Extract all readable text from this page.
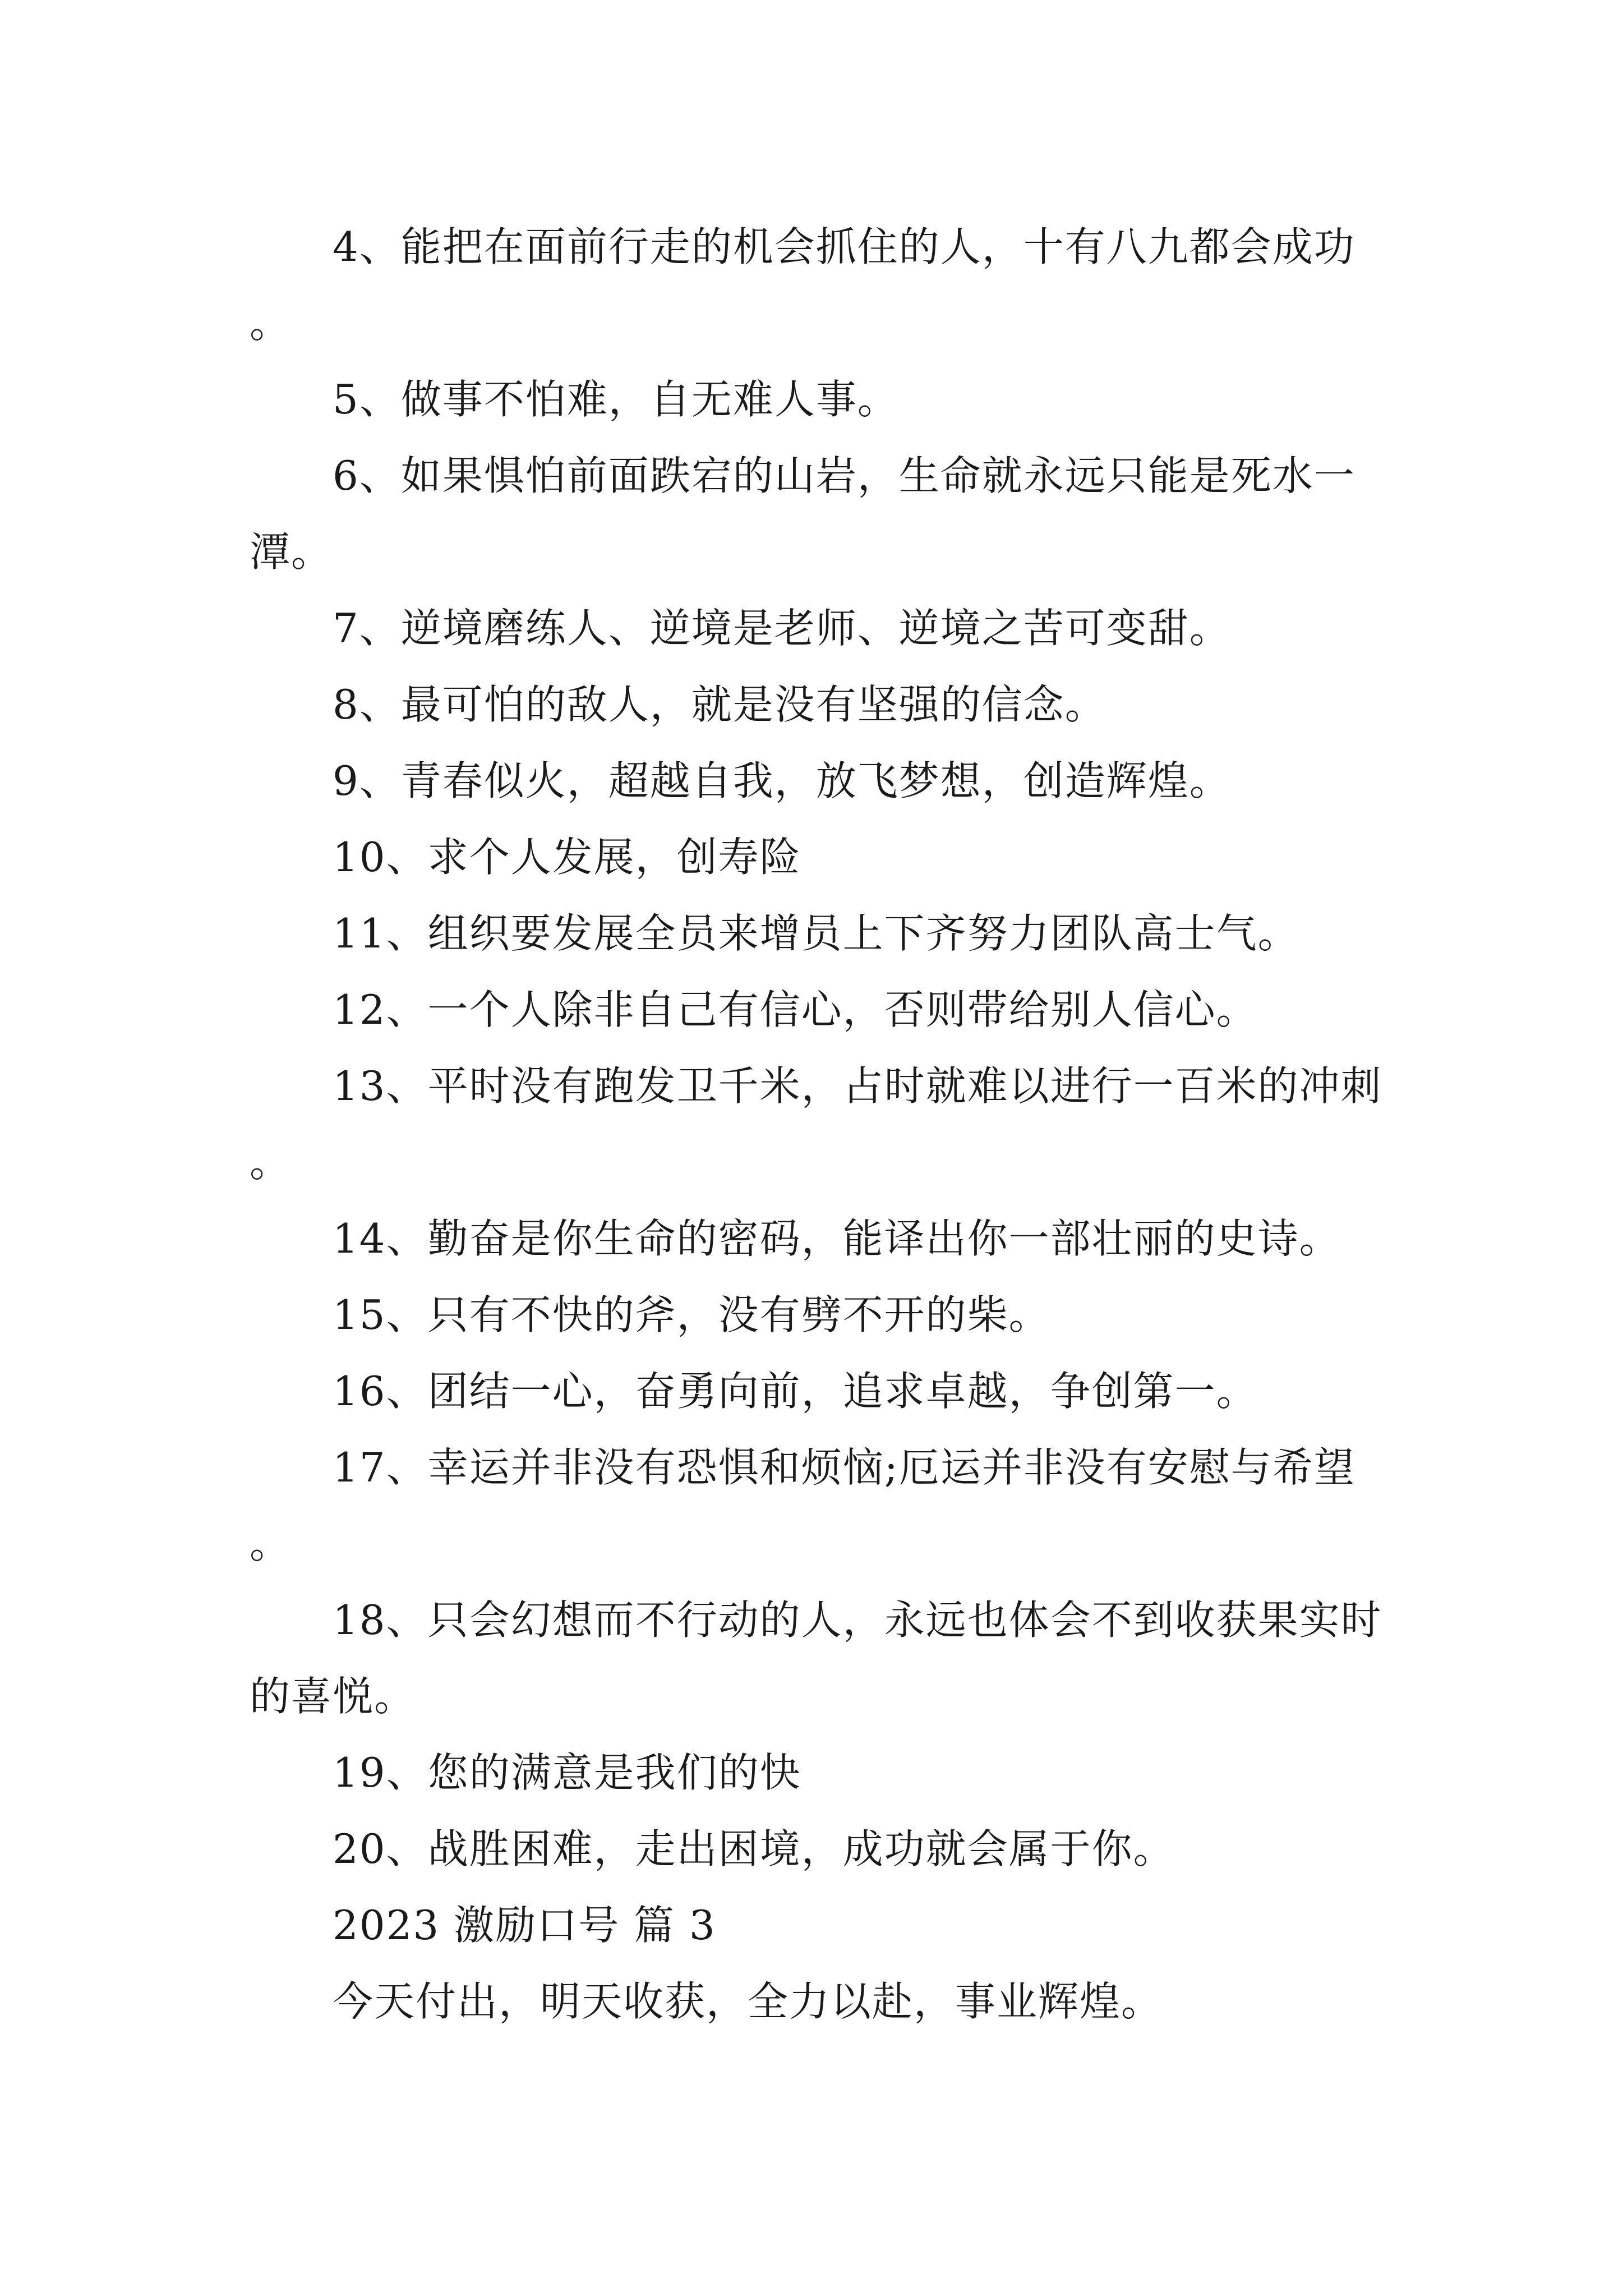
4、能把在面前行走的机会抓住的人，十有八九都会成功。

5、做事不怕难，自无难人事。

6、如果惧怕前面跌宕的山岩，生命就永远只能是死水一潭。

7、逆境磨练人、逆境是老师、逆境之苦可变甜。

8、最可怕的敌人，就是没有坚强的信念。

9、青春似火，超越自我，放飞梦想，创造辉煌。

10、求个人发展，创寿险

11、组织要发展全员来增员上下齐努力团队高士气。

12、一个人除非自己有信心，否则带给别人信心。

13、平时没有跑发卫千米，占时就难以进行一百米的冲刺。

14、勤奋是你生命的密码，能译出你一部壮丽的史诗。

15、只有不快的斧，没有劈不开的柴。

16、团结一心，奋勇向前，追求卓越，争创第一。

17、幸运并非没有恐惧和烦恼;厄运并非没有安慰与希望。

18、只会幻想而不行动的人，永远也体会不到收获果实时的喜悦。

19、您的满意是我们的快

20、战胜困难，走出困境，成功就会属于你。

2023 激励口号 篇 3

今天付出，明天收获，全力以赴，事业辉煌。
